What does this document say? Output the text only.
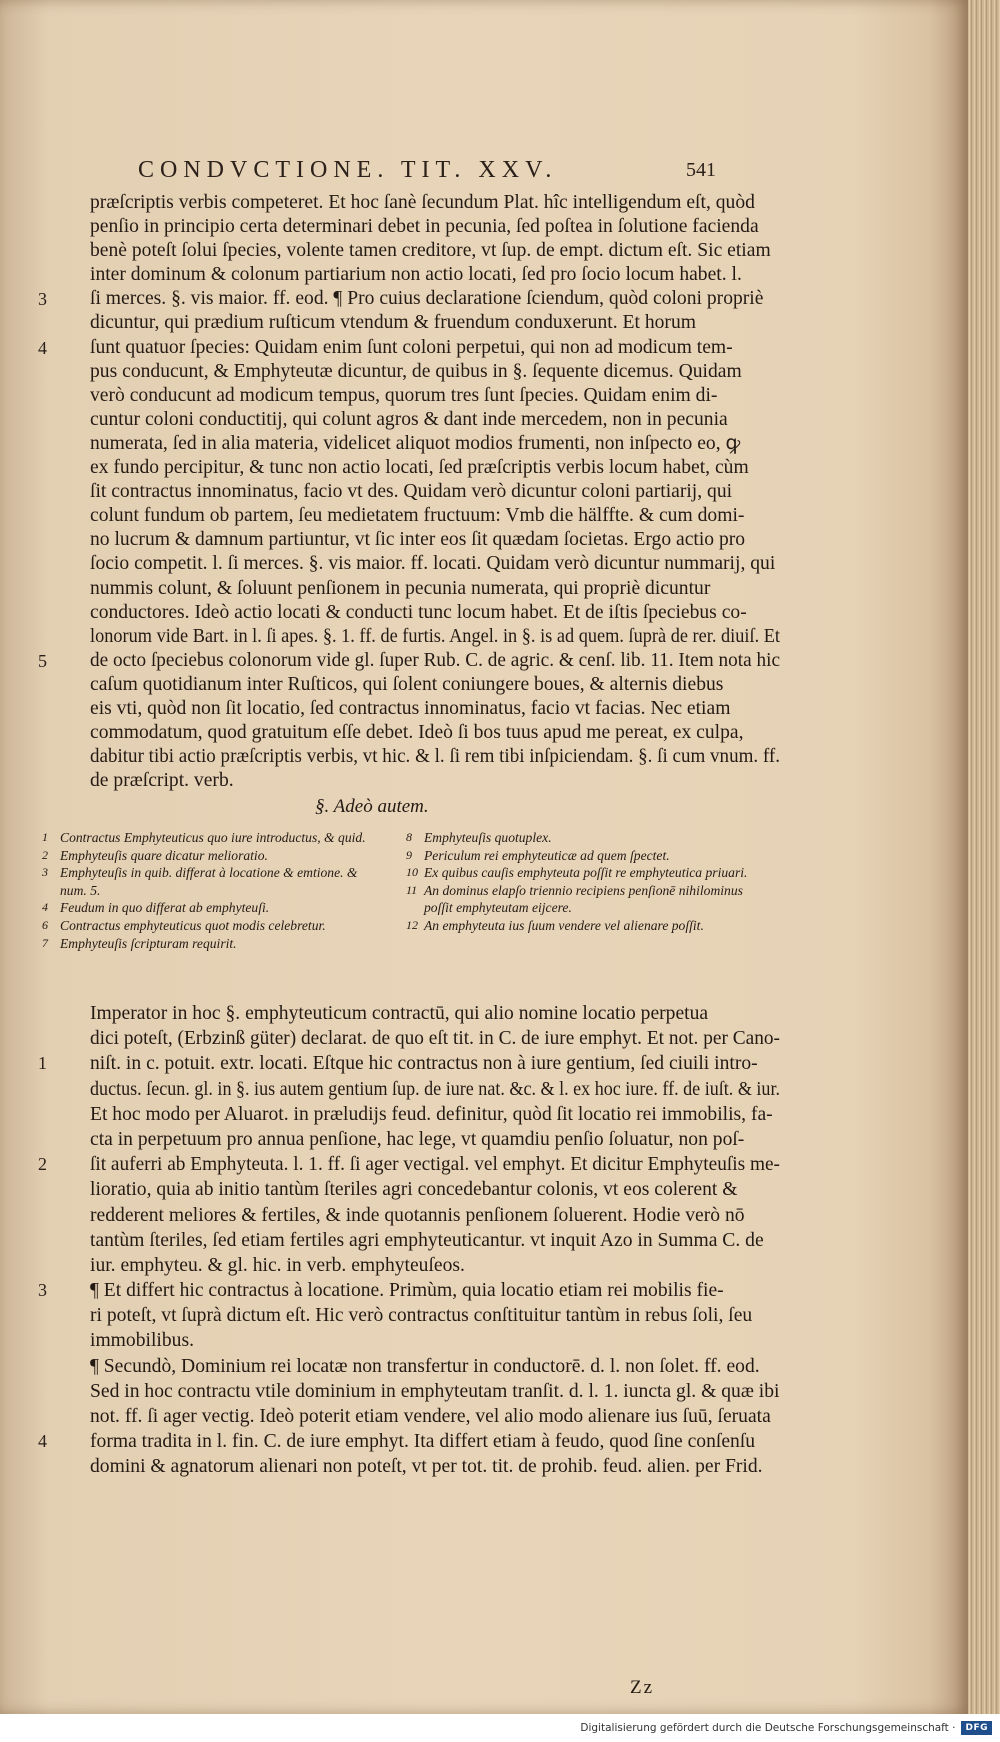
CONDVCTIONE. TIT. XXV.	541
præſcriptis verbis competeret. Et hoc ſanè ſecundum Plat. hîc intelligendum eſt, quòd
penſio in principio certa determinari debet in pecunia, ſed poſtea in ſolutione facienda
benè poteſt ſolui ſpecies, volente tamen creditore, vt ſup. de empt. dictum eſt. Sic etiam
inter dominum & colonum partiarium non actio locati, ſed pro ſocio locum habet. l.
3 ſi merces. §. vis maior. ff. eod. ¶ Pro cuius declaratione ſciendum, quòd coloni propriè
dicuntur, qui prædium ruſticum vtendum & fruendum conduxerunt. Et horum
4 ſunt quatuor ſpecies: Quidam enim ſunt coloni perpetui, qui non ad modicum tem-
pus conducunt, & Emphyteutæ dicuntur, de quibus in §. ſequente dicemus. Quidam
verò conducunt ad modicum tempus, quorum tres ſunt ſpecies. Quidam enim di-
cuntur coloni conductitij, qui colunt agros & dant inde mercedem, non in pecunia
numerata, ſed in alia materia, videlicet aliquot modios frumenti, non inſpecto eo, ꝙ
ex fundo percipitur, & tunc non actio locati, ſed præſcriptis verbis locum habet, cùm
ſit contractus innominatus, facio vt des. Quidam verò dicuntur coloni partiarij, qui
colunt fundum ob partem, ſeu medietatem fructuum: Vmb die hälffte. & cum domi-
no lucrum & damnum partiuntur, vt ſic inter eos ſit quædam ſocietas. Ergo actio pro
ſocio competit. l. ſi merces. §. vis maior. ff. locati. Quidam verò dicuntur nummarij, qui
nummis colunt, & ſoluunt penſionem in pecunia numerata, qui propriè dicuntur
conductores. Ideò actio locati & conducti tunc locum habet. Et de iſtis ſpeciebus co-
lonorum vide Bart. in l. ſi apes. §. 1. ff. de furtis. Angel. in §. is ad quem. ſuprà de rer. diuiſ. Et
5 de octo ſpeciebus colonorum vide gl. ſuper Rub. C. de agric. & cenſ. lib. 11. Item nota hic
caſum quotidianum inter Ruſticos, qui ſolent coniungere boues, & alternis diebus
eis vti, quòd non ſit locatio, ſed contractus innominatus, facio vt facias. Nec etiam
commodatum, quod gratuitum eſſe debet. Ideò ſi bos tuus apud me pereat, ex culpa,
dabitur tibi actio præſcriptis verbis, vt hic. & l. ſi rem tibi inſpiciendam. §. ſi cum vnum. ff.
de præſcript. verb.
§. Adeò autem.
1 Contractus Emphyteuticus quo iure introductus, & quid.
2 Emphyteuſis quare dicatur melioratio.
3 Emphyteuſis in quib. differat à locatione & emtione. & num. 5.
4 Feudum in quo differat ab emphyteuſi.
6 Contractus emphyteuticus quot modis celebretur.
7 Emphyteuſis ſcripturam requirit.
8 Emphyteuſis quotuplex.
9 Periculum rei emphyteuticæ ad quem ſpectet.
10 Ex quibus cauſis emphyteuta poſſit re emphyteutica priuari.
11 An dominus elapſo triennio recipiens penſionē nihilominus poſſit emphyteutam eijcere.
12 An emphyteuta ius ſuum vendere vel alienare poſſit.
Imperator in hoc §. emphyteuticum contractū, qui alio nomine locatio perpetua
dici poteſt, (Erbzinß güter) declarat. de quo eſt tit. in C. de iure emphyt. Et not. per Cano-
1 niſt. in c. potuit. extr. locati. Eſtque hic contractus non à iure gentium, ſed ciuili intro-
ductus. ſecun. gl. in §. ius autem gentium ſup. de iure nat. &c. & l. ex hoc iure. ff. de iuſt. & iur.
Et hoc modo per Aluarot. in præludijs feud. definitur, quòd ſit locatio rei immobilis, fa-
cta in perpetuum pro annua penſione, hac lege, vt quamdiu penſio ſoluatur, non poſ-
2 ſit auferri ab Emphyteuta. l. 1. ff. ſi ager vectigal. vel emphyt. Et dicitur Emphyteuſis me-
lioratio, quia ab initio tantùm ſteriles agri concedebantur colonis, vt eos colerent &
redderent meliores & fertiles, & inde quotannis penſionem ſoluerent. Hodie verò nō
tantùm ſteriles, ſed etiam fertiles agri emphyteuticantur. vt inquit Azo in Summa C. de
iur. emphyteu. & gl. hic. in verb. emphyteuſeos.
3 ¶ Et differt hic contractus à locatione. Primùm, quia locatio etiam rei mobilis fie-
ri poteſt, vt ſuprà dictum eſt. Hic verò contractus conſtituitur tantùm in rebus ſoli, ſeu
immobilibus.
¶ Secundò, Dominium rei locatæ non transfertur in conductorē. d. l. non ſolet. ff. eod.
Sed in hoc contractu vtile dominium in emphyteutam tranſit. d. l. 1. iuncta gl. & quæ ibi
not. ff. ſi ager vectig. Ideò poterit etiam vendere, vel alio modo alienare ius ſuū, ſeruata
4 forma tradita in l. fin. C. de iure emphyt. Ita differt etiam à feudo, quod ſine conſenſu
domini & agnatorum alienari non poteſt, vt per tot. tit. de prohib. feud. alien. per Frid.
Zz
Digitalisierung gefördert durch die Deutsche Forschungsgemeinschaft ·	DFG
